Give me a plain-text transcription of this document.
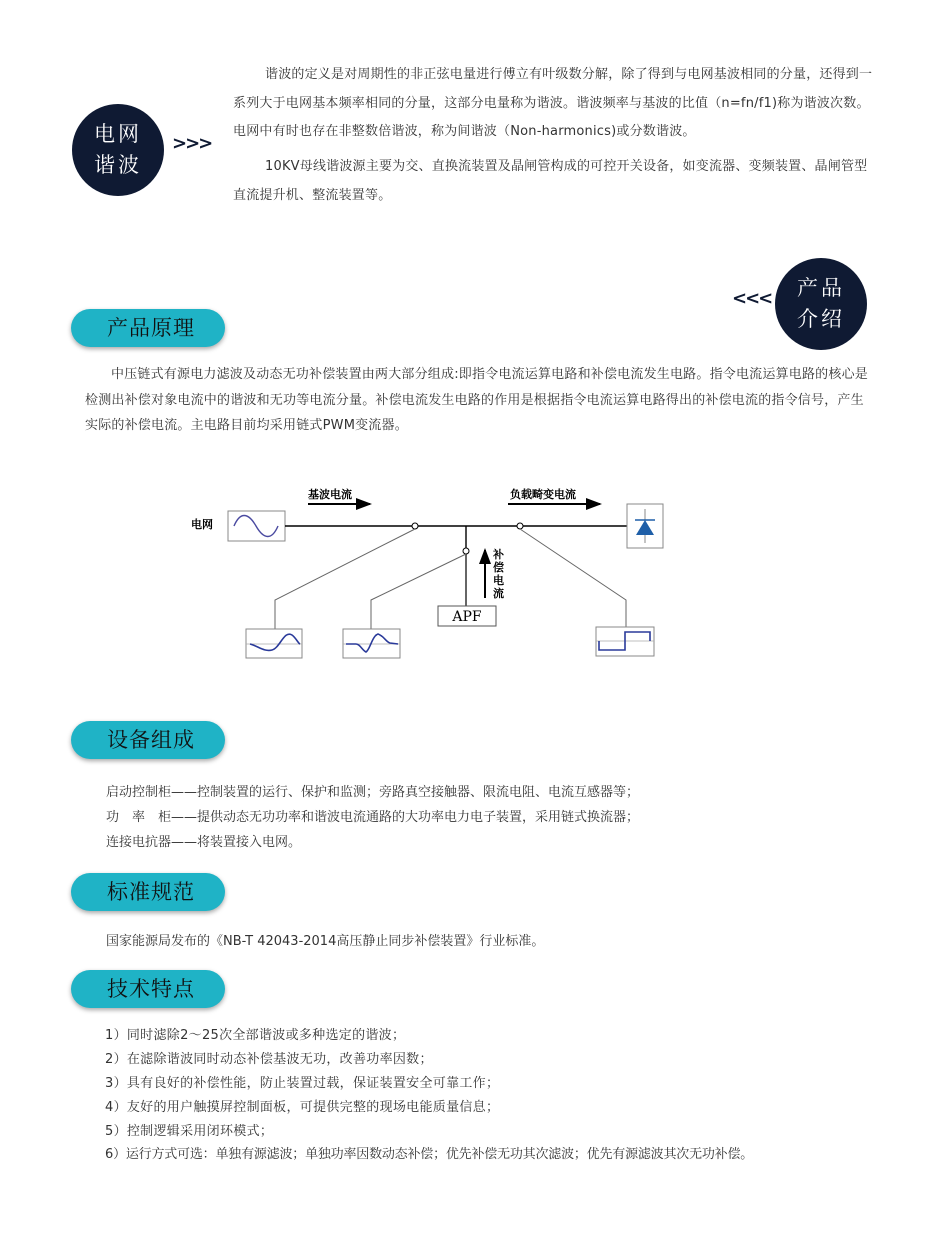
电网
谐波
>>>

谐波的定义是对周期性的非正弦电量进行傅立有叶级数分解，除了得到与电网基波相同的分量，还得到一系列大于电网基本频率相同的分量，这部分电量称为谐波。谐波频率与基波的比值（n=fn/f1)称为谐波次数。电网中有时也存在非整数倍谐波，称为间谐波（Non-harmonics)或分数谐波。

10KV母线谐波源主要为交、直换流装置及晶闸管构成的可控开关设备，如变流器、变频装置、晶闸管型直流提升机、整流装置等。

<<< 产品
介绍
产品原理
中压链式有源电力滤波及动态无功补偿装置由两大部分组成:即指令电流运算电路和补偿电流发生电路。指令电流运算电路的核心是检测出补偿对象电流中的谐波和无功等电流分量。补偿电流发生电路的作用是根据指令电流运算电路得出的补偿电流的指令信号，产生实际的补偿电流。主电路目前均采用链式PWM变流器。
电网
基波电流	负载畸变电流
补 偿 电 流
APF
设备组成
启动控制柜——控制装置的运行、保护和监测；旁路真空接触器、限流电阻、电流互感器等；
功　率　柜——提供动态无功功率和谐波电流通路的大功率电力电子装置，采用链式换流器；
连接电抗器——将装置接入电网。
标准规范
国家能源局发布的《NB-T 42043-2014高压静止同步补偿装置》行业标准。
技术特点
1）同时滤除2～25次全部谐波或多种选定的谐波；
2）在滤除谐波同时动态补偿基波无功，改善功率因数；
3）具有良好的补偿性能，防止装置过载，保证装置安全可靠工作；
4）友好的用户触摸屏控制面板，可提供完整的现场电能质量信息；
5）控制逻辑采用闭环模式；
6）运行方式可选：单独有源滤波；单独功率因数动态补偿；优先补偿无功其次滤波；优先有源滤波其次无功补偿。
